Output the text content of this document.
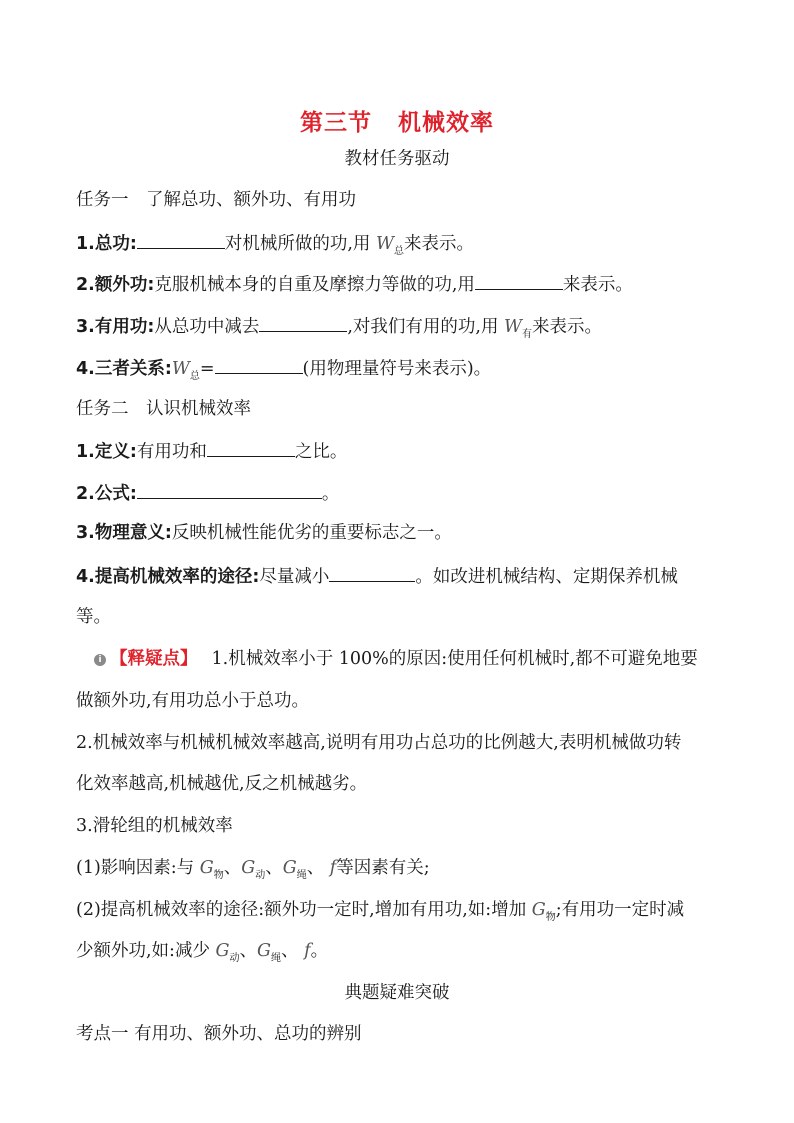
第三节 机械效率
教材任务驱动
任务一　了解总功、额外功、有用功
1.总功:	对机械所做的功,用 $W_总$来表示。
2.额外功:克服机械本身的自重及摩擦力等做的功,用	来表示。
3.有用功:从总功中减去	,对我们有用的功,用 $W_有$来表示。
4.三者关系$:W_总=$	(用物理量符号来表示)。
任务二　认识机械效率
1.定义:有用功和	之比。
2.公式:	。
3.物理意义:反映机械性能优劣的重要标志之一。
4.提高机械效率的途径:尽量减小	。如改进机械结构、定期保养机械
等。
i 【释疑点】 1.机械效率小于 100%的原因:使用任何机械时,都不可避免地要
做额外功,有用功总小于总功。
2.机械效率与机械机械效率越高,说明有用功占总功的比例越大,表明机械做功转
化效率越高,机械越优,反之机械越劣。
3.滑轮组的机械效率
(1)影响因素:与 $G_物$、$G_动$、$G_绳$、 f等因素有关;
(2)提高机械效率的途径:额外功一定时,增加有用功,如:增加 $G_物$;有用功一定时减
少额外功,如:减少 $G_动$、$G_绳$、 f。
典题疑难突破
考点一 有用功、额外功、总功的辨别
